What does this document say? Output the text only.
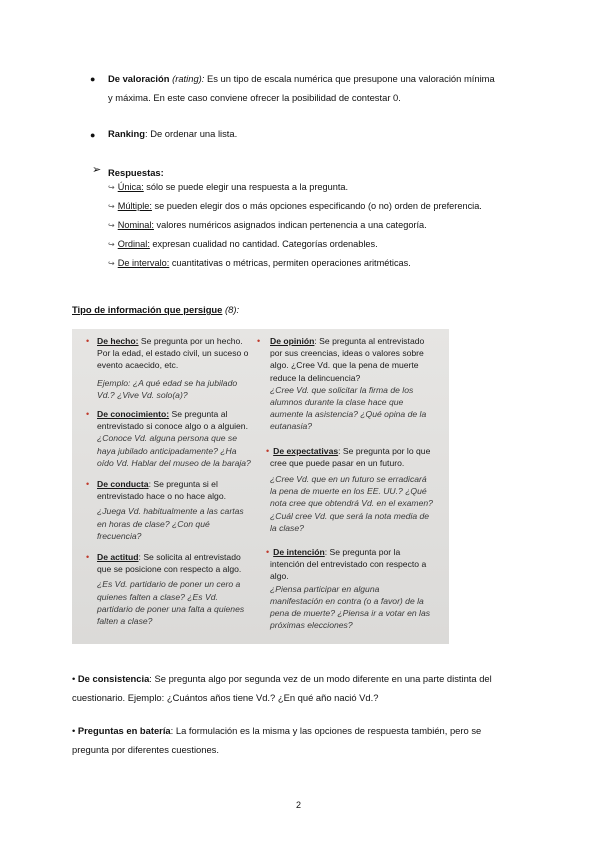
● De valoración (rating): Es un tipo de escala numérica que presupone una valoración mínima
y máxima. En este caso conviene ofrecer la posibilidad de contestar 0.
● Ranking: De ordenar una lista.
➢ Respuestas:
↪ Única: sólo se puede elegir una respuesta a la pregunta.
↪ Múltiple: se pueden elegir dos o más opciones especificando (o no) orden de preferencia.
↪ Nominal: valores numéricos asignados indican pertenencia a una categoría.
↪ Ordinal: expresan cualidad no cantidad. Categorías ordenables.
↪ De intervalo: cuantitativas o métricas, permiten operaciones aritméticas.
Tipo de información que persigue (8):
• De hecho: Se pregunta por un hecho. Por la edad, el estado civil, un suceso o evento acaecido, etc.
Ejemplo: ¿A qué edad se ha jubilado Vd.? ¿Vive Vd. solo(a)?
• De conocimiento: Se pregunta al entrevistado si conoce algo o a alguien.
¿Conoce Vd. alguna persona que se haya jubilado anticipadamente? ¿Ha oído Vd. Hablar del museo de la baraja?
• De conducta: Se pregunta si el entrevistado hace o no hace algo.
¿Juega Vd. habitualmente a las cartas en horas de clase? ¿Con qué frecuencia?
• De actitud: Se solicita al entrevistado que se posicione con respecto a algo.
¿Es Vd. partidario de poner un cero a quienes falten a clase? ¿Es Vd. partidario de poner una falta a quienes falten a clase?
• De opinión: Se pregunta al entrevistado por sus creencias, ideas o valores sobre algo. ¿Cree Vd. que la pena de muerte reduce la delincuencia?
¿Cree Vd. que solicitar la firma de los alumnos durante la clase hace que aumente la asistencia? ¿Qué opina de la eutanasia?
• De expectativas: Se pregunta por lo que cree que puede pasar en un futuro.
¿Cree Vd. que en un futuro se erradicará la pena de muerte en los EE. UU.? ¿Qué nota cree que obtendrá Vd. en el examen? ¿Cuál cree Vd. que será la nota media de la clase?
• De intención: Se pregunta por la intención del entrevistado con respecto a algo.
¿Piensa participar en alguna manifestación en contra (o a favor) de la pena de muerte? ¿Piensa ir a votar en las próximas elecciones?
• De consistencia: Se pregunta algo por segunda vez de un modo diferente en una parte distinta del
cuestionario. Ejemplo: ¿Cuántos años tiene Vd.? ¿En qué año nació Vd.?
• Preguntas en batería: La formulación es la misma y las opciones de respuesta también, pero se
pregunta por diferentes cuestiones.
2
